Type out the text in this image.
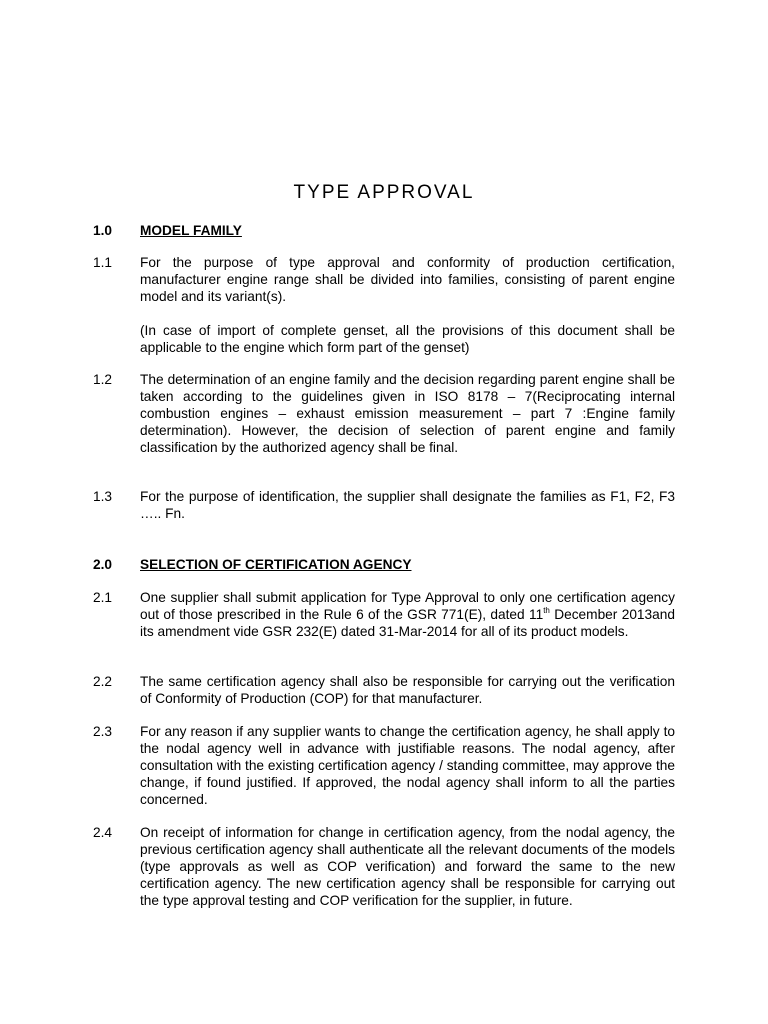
TYPE APPROVAL
1.0 MODEL FAMILY
1.1 For the purpose of type approval and conformity of production certification, manufacturer engine range shall be divided into families, consisting of parent engine model and its variant(s).

(In case of import of complete genset, all the provisions of this document shall be applicable to the engine which form part of the genset)

1.2 The determination of an engine family and the decision regarding parent engine shall be taken according to the guidelines given in ISO 8178 – 7(Reciprocating internal combustion engines – exhaust emission measurement – part 7 :Engine family determination). However, the decision of selection of parent engine and family classification by the authorized agency shall be final.

1.3 For the purpose of identification, the supplier shall designate the families as F1, F2, F3 ….. Fn.

2.0 SELECTION OF CERTIFICATION AGENCY
2.1 One supplier shall submit application for Type Approval to only one certification agency out of those prescribed in the Rule 6 of the GSR 771(E), dated 11th December 2013and its amendment vide GSR 232(E) dated 31-Mar-2014 for all of its product models.

2.2 The same certification agency shall also be responsible for carrying out the verification of Conformity of Production (COP) for that manufacturer.

2.3 For any reason if any supplier wants to change the certification agency, he shall apply to the nodal agency well in advance with justifiable reasons. The nodal agency, after consultation with the existing certification agency / standing committee, may approve the change, if found justified. If approved, the nodal agency shall inform to all the parties concerned.

2.4 On receipt of information for change in certification agency, from the nodal agency, the previous certification agency shall authenticate all the relevant documents of the models (type approvals as well as COP verification) and forward the same to the new certification agency. The new certification agency shall be responsible for carrying out the type approval testing and COP verification for the supplier, in future.
